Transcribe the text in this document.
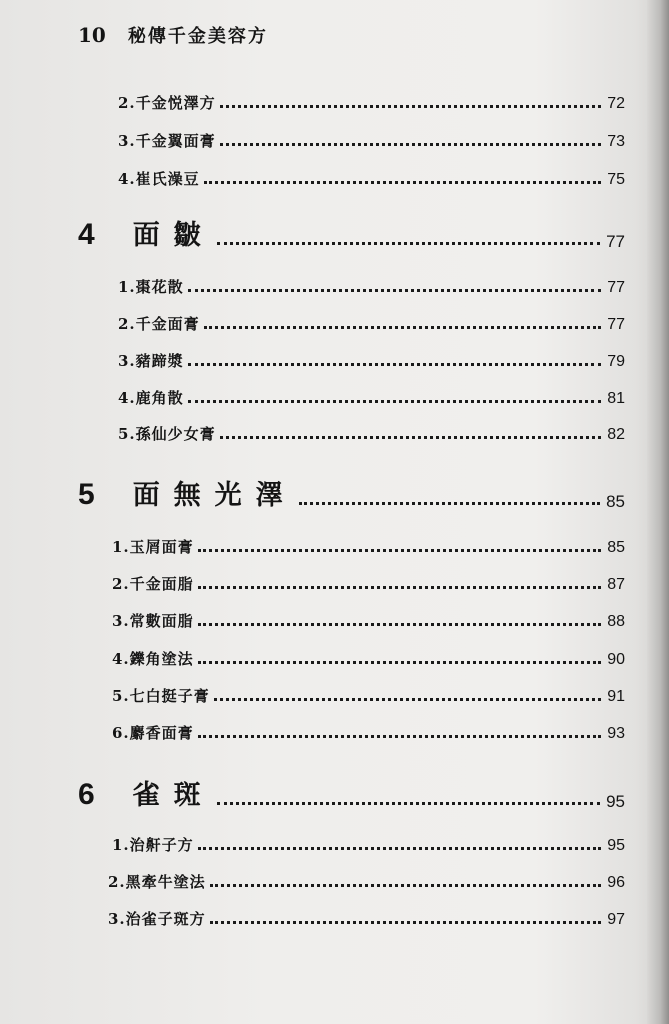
10 秘傳千金美容方
2.千金悦澤方	72
3.千金翼面膏	73
4.崔氏澡豆	75
4 面皺	77
1.棗花散	77
2.千金面膏	77
3.豬蹄漿	79
4.鹿角散	81
5.孫仙少女膏	82
5 面無光澤	85
1.玉屑面膏	85
2.千金面脂	87
3.常數面脂	88
4.鑠角塗法	90
5.七白挺子膏	91
6.麝香面膏	93
6 雀斑	95
1.治鼾子方	95
2.黑牽牛塗法	96
3.治雀子斑方	97
